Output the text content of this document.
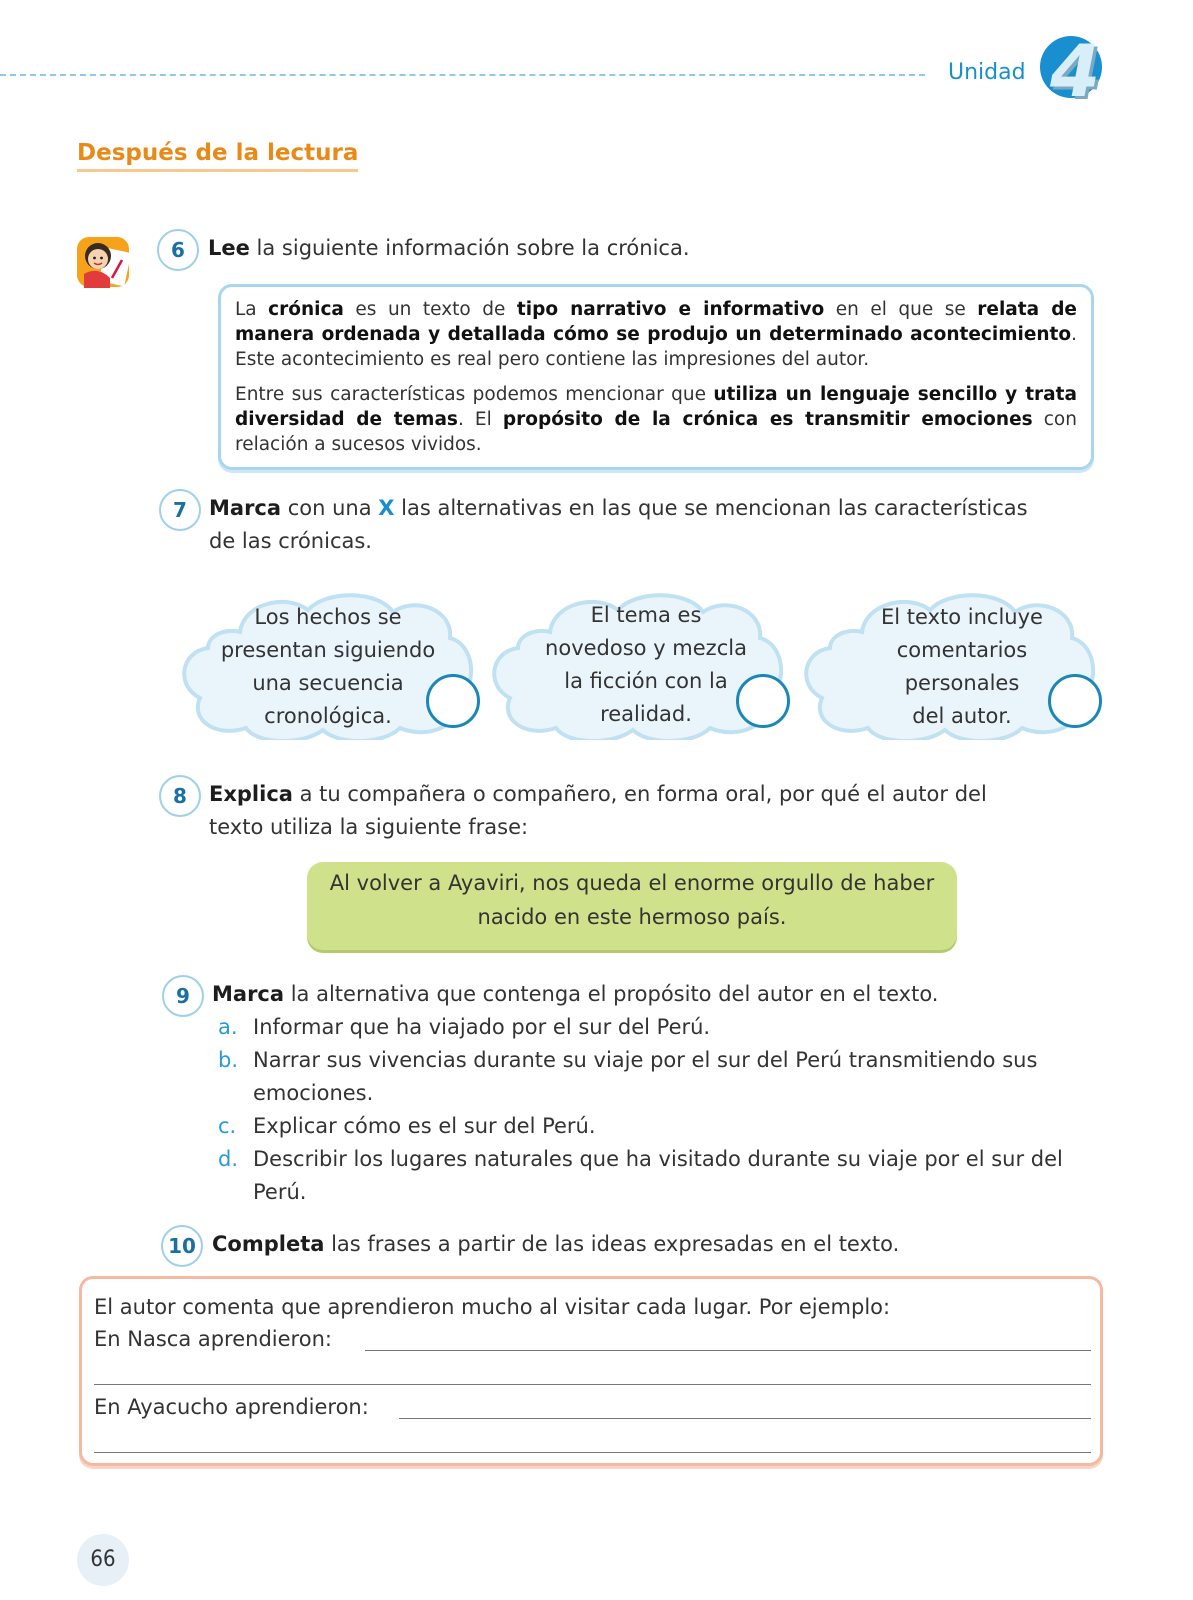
Unidad 4
Después de la lectura
6	Lee la siguiente información sobre la crónica.

La crónica es un texto de tipo narrativo e informativo en el que se relata de manera ordenada y detallada cómo se produjo un determinado acontecimiento. Este acontecimiento es real pero contiene las impresiones del autor.

Entre sus características podemos mencionar que utiliza un lenguaje sencillo y trata diversidad de temas. El propósito de la crónica es transmitir emociones con relación a sucesos vividos.

7	Marca con una X las alternativas en las que se mencionan las características
de las crónicas.
Los hechos se
presentan siguiendo
una secuencia
cronológica.
El tema es
novedoso y mezcla
la ficción con la
realidad.
El texto incluye
comentarios
personales
del autor.
8	Explica a tu compañera o compañero, en forma oral, por qué el autor del
texto utiliza la siguiente frase:
Al volver a Ayaviri, nos queda el enorme orgullo de haber
nacido en este hermoso país.
9	Marca la alternativa que contenga el propósito del autor en el texto.
a. Informar que ha viajado por el sur del Perú.
b. Narrar sus vivencias durante su viaje por el sur del Perú transmitiendo sus
emociones.
c. Explicar cómo es el sur del Perú.
d. Describir los lugares naturales que ha visitado durante su viaje por el sur del
Perú.
10 Completa las frases a partir de las ideas expresadas en el texto.
El autor comenta que aprendieron mucho al visitar cada lugar. Por ejemplo:
En Nasca aprendieron:
En Ayacucho aprendieron:
66
